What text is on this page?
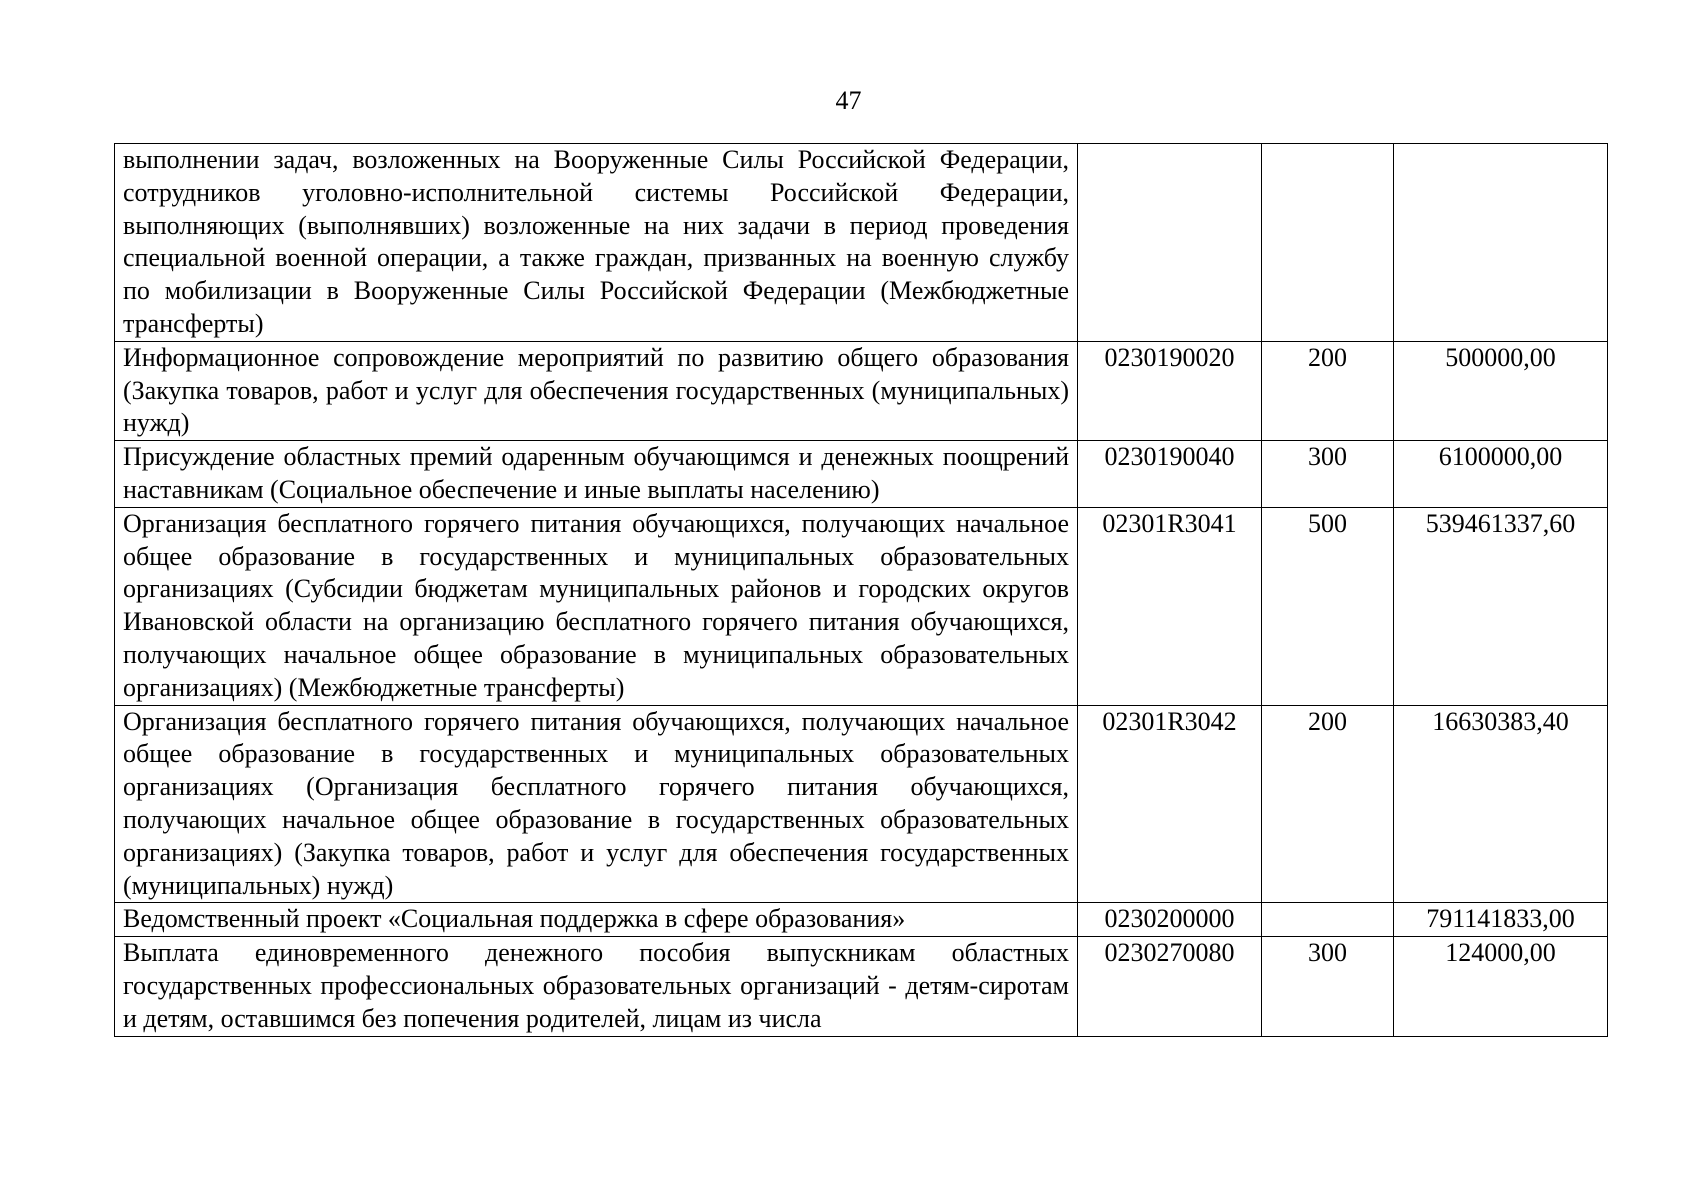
47
выполнении задач, возложенных на Вооруженные Силы Российской Федерации, сотрудников уголовно-исполнительной системы Российской Федерации, выполняющих (выполнявших) возложенные на них задачи в период проведения специальной военной операции, а также граждан, призванных на военную службу по мобилизации в Вооруженные Силы Российской Федерации (Межбюджетные трансферты)			
Информационное сопровождение мероприятий по развитию общего образования (Закупка товаров, работ и услуг для обеспечения государственных (муниципальных) нужд)	0230190020	200	500000,00
Присуждение областных премий одаренным обучающимся и денежных поощрений наставникам (Социальное обеспечение и иные выплаты населению)	0230190040	300	6100000,00
Организация бесплатного горячего питания обучающихся, получающих начальное общее образование в государственных и муниципальных образовательных организациях (Субсидии бюджетам муниципальных районов и городских округов Ивановской области на организацию бесплатного горячего питания обучающихся, получающих начальное общее образование в муниципальных образовательных организациях) (Межбюджетные трансферты)	02301R3041	500	539461337,60
Организация бесплатного горячего питания обучающихся, получающих начальное общее образование в государственных и муниципальных образовательных организациях (Организация бесплатного горячего питания обучающихся, получающих начальное общее образование в государственных образовательных организациях) (Закупка товаров, работ и услуг для обеспечения государственных (муниципальных) нужд)	02301R3042	200	16630383,40
Ведомственный проект «Социальная поддержка в сфере образования»	0230200000		791141833,00
Выплата единовременного денежного пособия выпускникам областных государственных профессиональных образовательных организаций - детям-сиротам и детям, оставшимся без попечения родителей, лицам из числа	0230270080	300	124000,00
